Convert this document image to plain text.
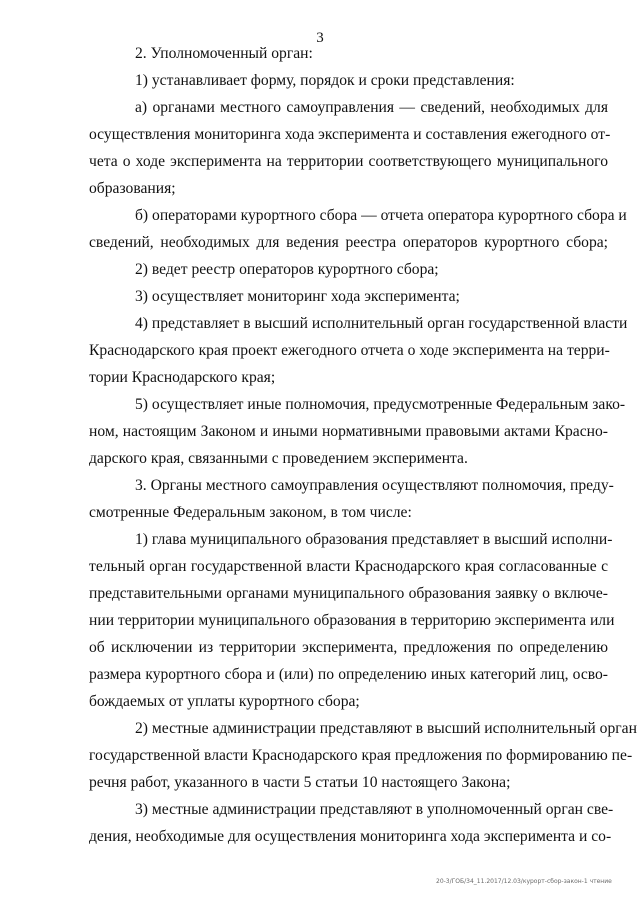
3
2. Уполномоченный орган:
1) устанавливает форму, порядок и сроки представления:
а) органами местного самоуправления — сведений, необходимых для
осуществления мониторинга хода эксперимента и составления ежегодного от-
чета о ходе эксперимента на территории соответствующего муниципального
образования;
б) операторами курортного сбора — отчета оператора курортного сбора и
сведений, необходимых для ведения реестра операторов курортного сбора;
2) ведет реестр операторов курортного сбора;
3) осуществляет мониторинг хода эксперимента;
4) представляет в высший исполнительный орган государственной власти
Краснодарского края проект ежегодного отчета о ходе эксперимента на терри-
тории Краснодарского края;
5) осуществляет иные полномочия, предусмотренные Федеральным зако-
ном, настоящим Законом и иными нормативными правовыми актами Красно-
дарского края, связанными с проведением эксперимента.
3. Органы местного самоуправления осуществляют полномочия, преду-
смотренные Федеральным законом, в том числе:
1) глава муниципального образования представляет в высший исполни-
тельный орган государственной власти Краснодарского края согласованные с
представительными органами муниципального образования заявку о включе-
нии территории муниципального образования в территорию эксперимента или
об исключении из территории эксперимента, предложения по определению
размера курортного сбора и (или) по определению иных категорий лиц, осво-
бождаемых от уплаты курортного сбора;
2) местные администрации представляют в высший исполнительный орган
государственной власти Краснодарского края предложения по формированию пе-
речня работ, указанного в части 5 статьи 10 настоящего Закона;
3) местные администрации представляют в уполномоченный орган све-
дения, необходимые для осуществления мониторинга хода эксперимента и со-
20-3/ГОБ/34_11.2017/12.03/курорт-сбор-закон-1 чтение
